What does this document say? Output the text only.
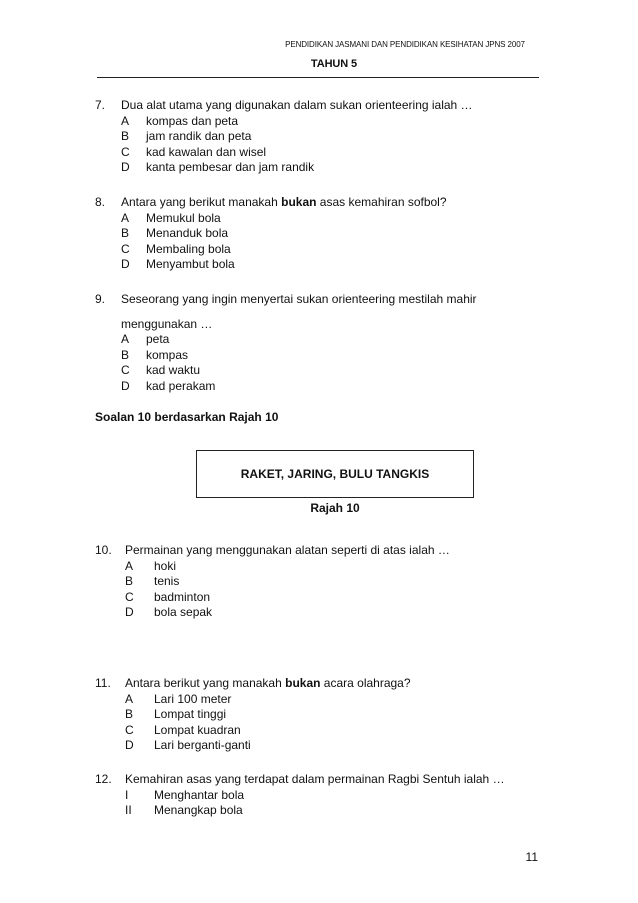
PENDIDIKAN JASMANI DAN PENDIDIKAN KESIHATAN JPNS 2007
TAHUN 5
7.	Dua alat utama yang digunakan dalam sukan orienteering ialah …
A	kompas dan peta
B	jam randik dan peta
C	kad kawalan dan wisel
D	kanta pembesar dan jam randik
8.	Antara yang berikut manakah bukan asas kemahiran sofbol?
A	Memukul bola
B	Menanduk bola
C	Membaling bola
D	Menyambut bola
9.	Seseorang yang ingin menyertai sukan orienteering mestilah mahir
menggunakan …
A	peta
B	kompas
C	kad waktu
D	kad perakam
Soalan 10 berdasarkan Rajah 10
RAKET, JARING, BULU TANGKIS
Rajah 10
10.	Permainan yang menggunakan alatan seperti di atas ialah …
A	hoki
B	tenis
C	badminton
D	bola sepak
11.	Antara berikut yang manakah bukan acara olahraga?
A	Lari 100 meter
B	Lompat tinggi
C	Lompat kuadran
D	Lari berganti-ganti
12.	Kemahiran asas yang terdapat dalam permainan Ragbi Sentuh ialah …
I	Menghantar bola
II	Menangkap bola
11
